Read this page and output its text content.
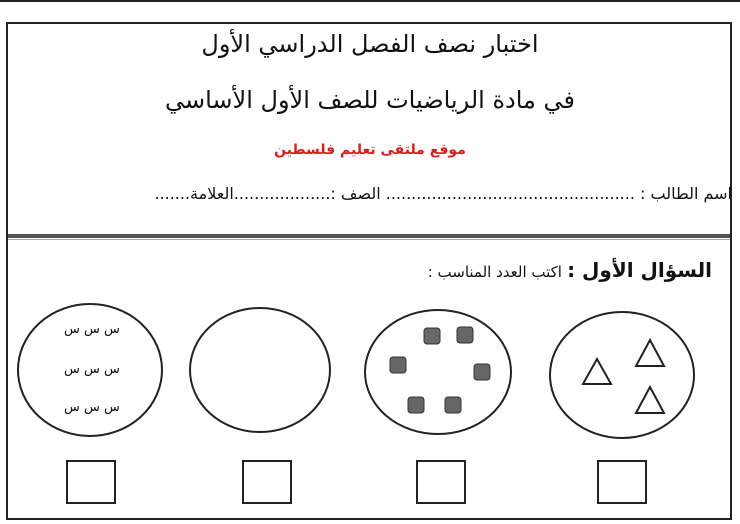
اختبار نصف الفصل الدراسي الأول
في مادة الرياضيات للصف الأول الأساسي
موقع ملتقى تعليم فلسطين
اسم الطالب : ................................................. الصف :...................العلامة.......
السؤال الأول : اكتب العدد المناسب :
س س س
س س س
س س س
